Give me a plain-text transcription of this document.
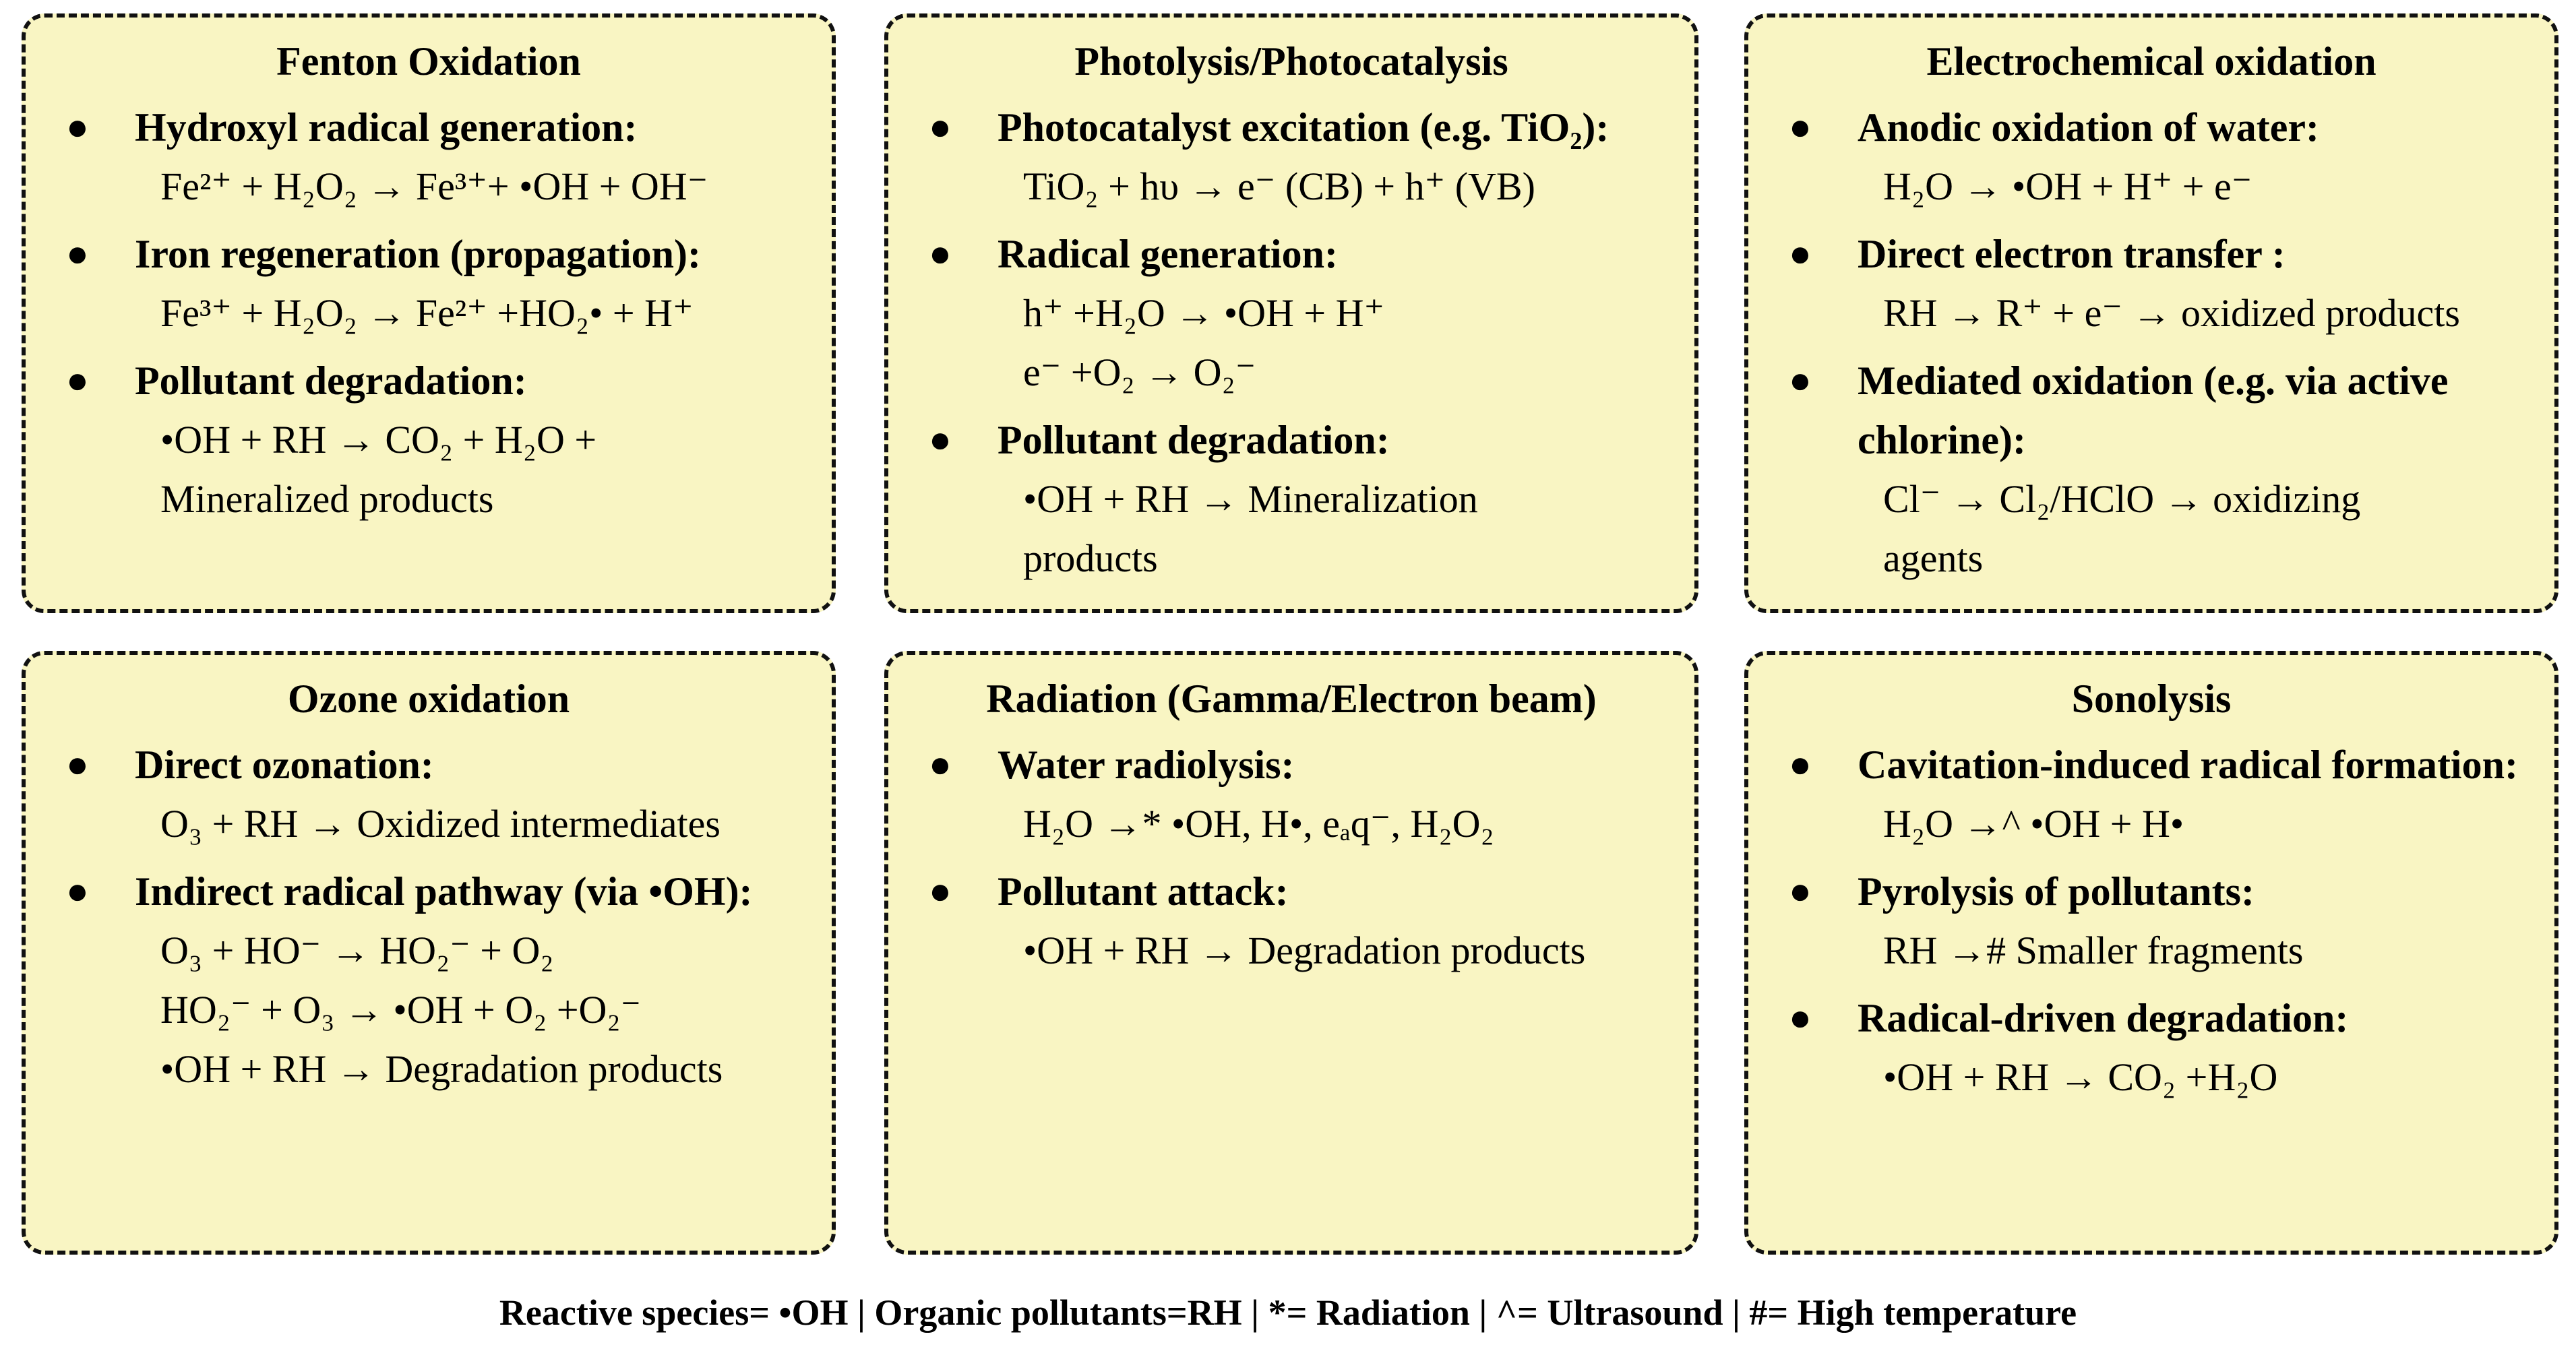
Fenton Oxidation
● Hydroxyl radical generation:
Fe²⁺ + H₂O₂ → Fe³⁺+ •OH + OH⁻
● Iron regeneration (propagation):
Fe³⁺ + H₂O₂ → Fe²⁺ +HO₂• + H⁺
● Pollutant degradation:
•OH + RH → CO₂ + H₂O +
Mineralized products
Photolysis/Photocatalysis
● Photocatalyst excitation (e.g. TiO₂):
TiO₂ + hυ → e⁻ (CB) + h⁺ (VB)
● Radical generation:
h⁺ +H₂O → •OH + H⁺
e⁻ +O₂ → O₂⁻
● Pollutant degradation:
•OH + RH → Mineralization
products
Electrochemical oxidation
● Anodic oxidation of water:
H₂O → •OH + H⁺ + e⁻
● Direct electron transfer :
RH → R⁺ + e⁻ → oxidized products
● Mediated oxidation (e.g. via active chlorine):
Cl⁻ → Cl₂/HClO → oxidizing
agents
Ozone oxidation
● Direct ozonation:
O₃ + RH → Oxidized intermediates
● Indirect radical pathway (via •OH):
O₃ + HO⁻ → HO₂⁻ + O₂
HO₂⁻ + O₃ → •OH + O₂ +O₂⁻
•OH + RH → Degradation products
Radiation (Gamma/Electron beam)
● Water radiolysis:
H₂O →* •OH, H•, eₐq⁻, H₂O₂
● Pollutant attack:
•OH + RH → Degradation products
Sonolysis
● Cavitation-induced radical formation:
H₂O →^ •OH + H•
● Pyrolysis of pollutants:
RH →# Smaller fragments
● Radical-driven degradation:
•OH + RH → CO₂ +H₂O
Reactive species= •OH | Organic pollutants=RH | *= Radiation | ^= Ultrasound | #= High temperature
